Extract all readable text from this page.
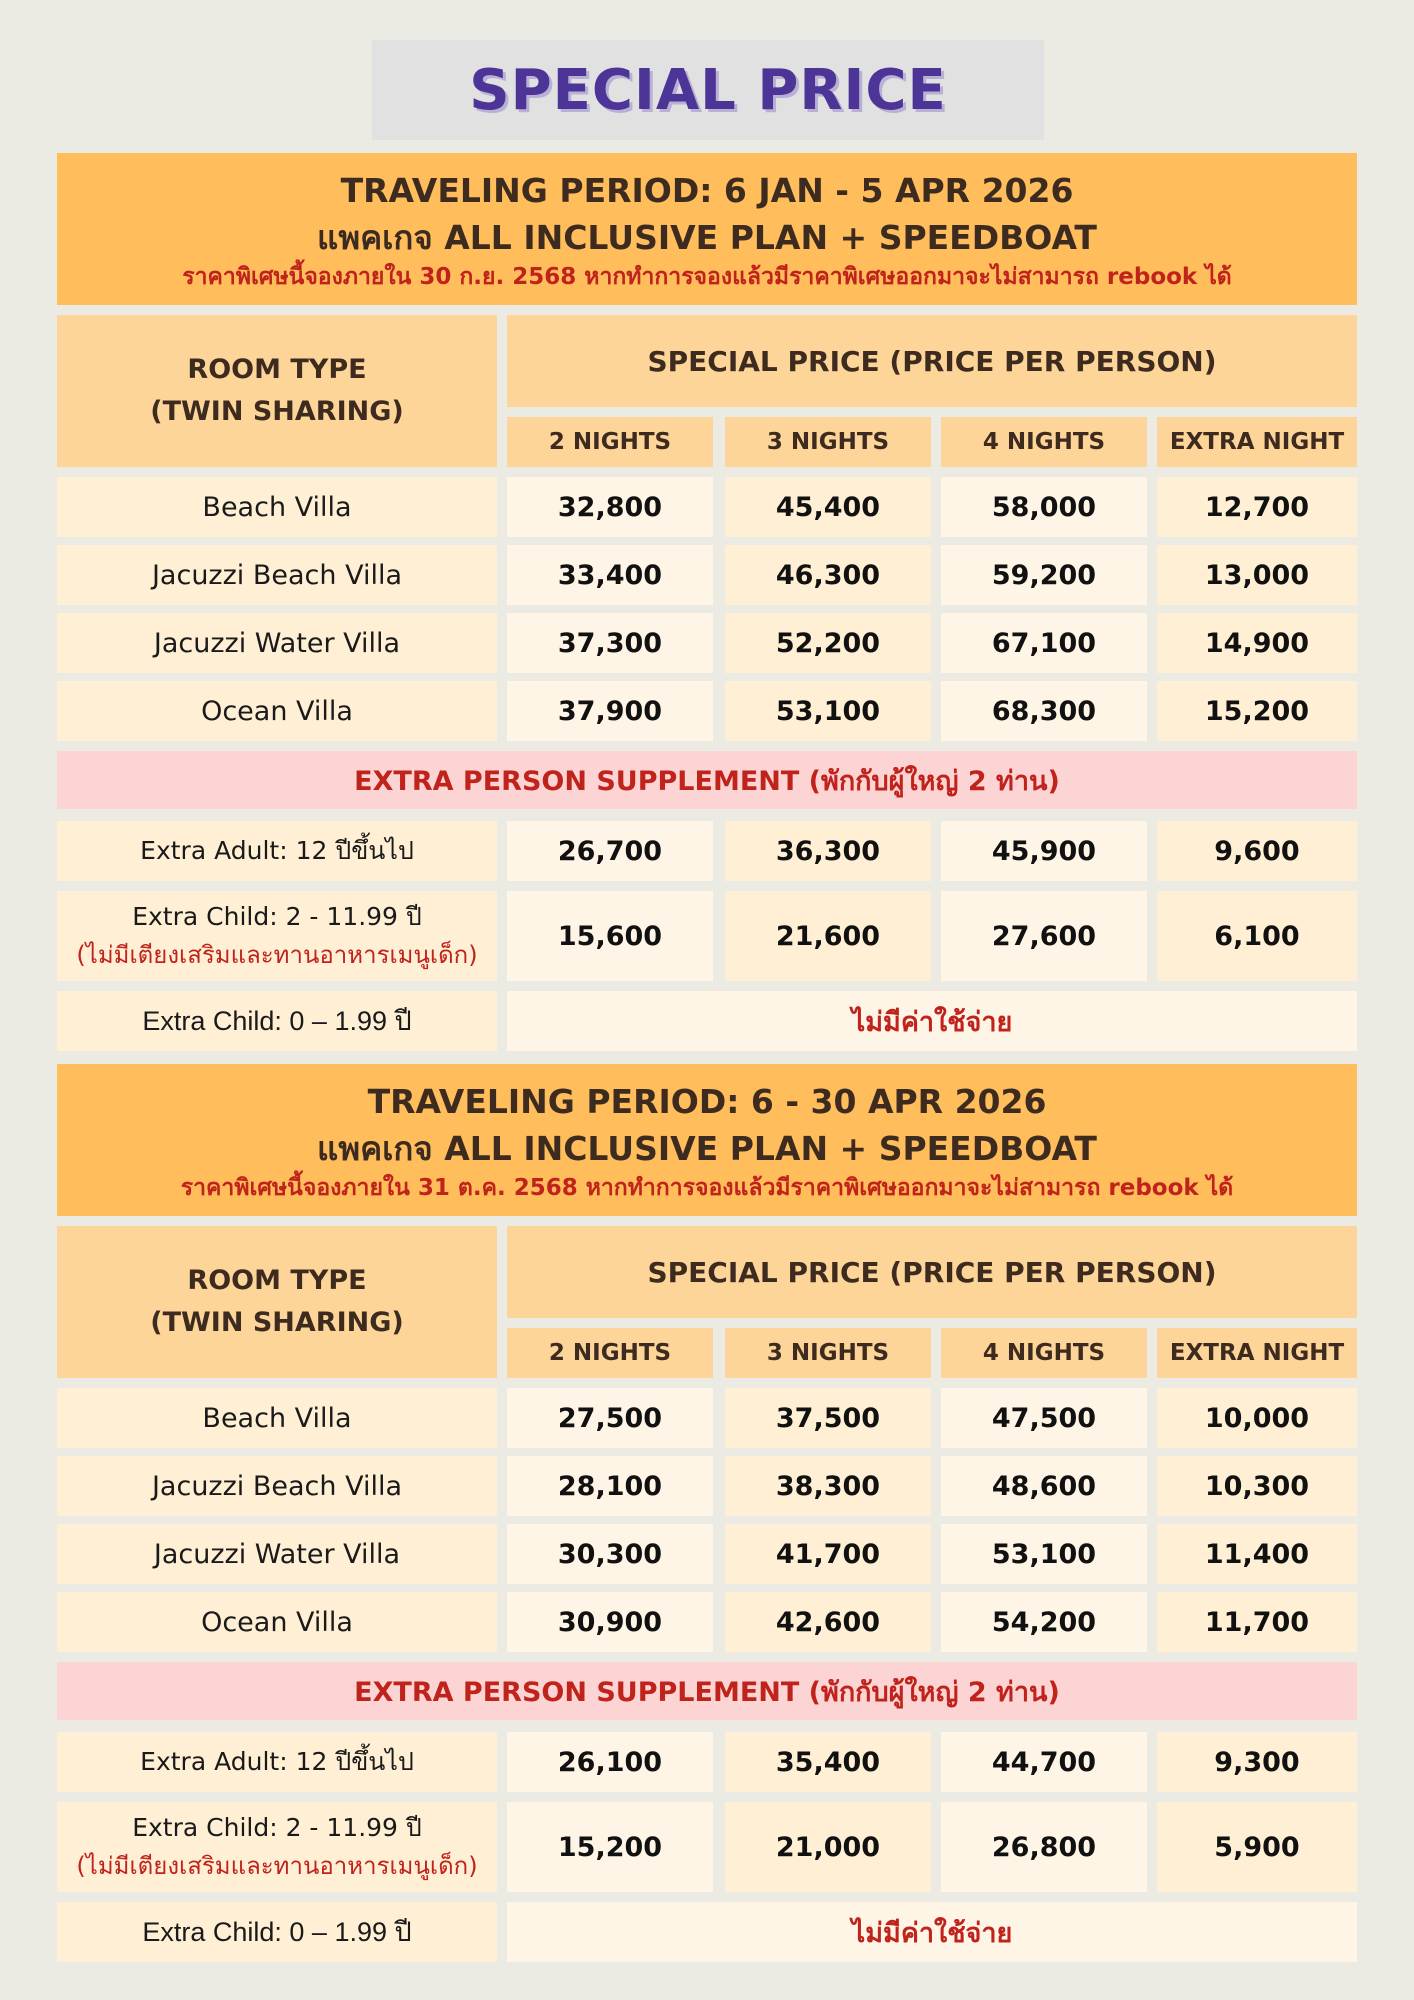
SPECIAL PRICE
TRAVELING PERIOD: 6 JAN - 5 APR 2026
แพคเกจ ALL INCLUSIVE PLAN + SPEEDBOAT
ราคาพิเศษนี้จองภายใน 30 ก.ย. 2568 หากทำการจองแล้วมีราคาพิเศษออกมาจะไม่สามารถ rebook ได้
ROOM TYPE
(TWIN SHARING)
SPECIAL PRICE (PRICE PER PERSON)
2 NIGHTS	3 NIGHTS	4 NIGHTS	EXTRA NIGHT
Beach Villa	32,800	45,400	58,000	12,700
Jacuzzi Beach Villa	33,400	46,300	59,200	13,000
Jacuzzi Water Villa	37,300	52,200	67,100	14,900
Ocean Villa	37,900	53,100	68,300	15,200
EXTRA PERSON SUPPLEMENT (พักกับผู้ใหญ่ 2 ท่าน)
Extra Adult: 12 ปีขึ้นไป	26,700	36,300	45,900	9,600
Extra Child: 2 - 11.99 ปี
(ไม่มีเตียงเสริมและทานอาหารเมนูเด็ก)
15,600	21,600	27,600	6,100
Extra Child: 0 – 1.99 ปี	ไม่มีค่าใช้จ่าย
TRAVELING PERIOD: 6 - 30 APR 2026
แพคเกจ ALL INCLUSIVE PLAN + SPEEDBOAT
ราคาพิเศษนี้จองภายใน 31 ต.ค. 2568 หากทำการจองแล้วมีราคาพิเศษออกมาจะไม่สามารถ rebook ได้
ROOM TYPE
(TWIN SHARING)
SPECIAL PRICE (PRICE PER PERSON)
2 NIGHTS	3 NIGHTS	4 NIGHTS	EXTRA NIGHT
Beach Villa	27,500	37,500	47,500	10,000
Jacuzzi Beach Villa	28,100	38,300	48,600	10,300
Jacuzzi Water Villa	30,300	41,700	53,100	11,400
Ocean Villa	30,900	42,600	54,200	11,700
EXTRA PERSON SUPPLEMENT (พักกับผู้ใหญ่ 2 ท่าน)
Extra Adult: 12 ปีขึ้นไป	26,100	35,400	44,700	9,300
Extra Child: 2 - 11.99 ปี
(ไม่มีเตียงเสริมและทานอาหารเมนูเด็ก)
15,200	21,000	26,800	5,900
Extra Child: 0 – 1.99 ปี	ไม่มีค่าใช้จ่าย
